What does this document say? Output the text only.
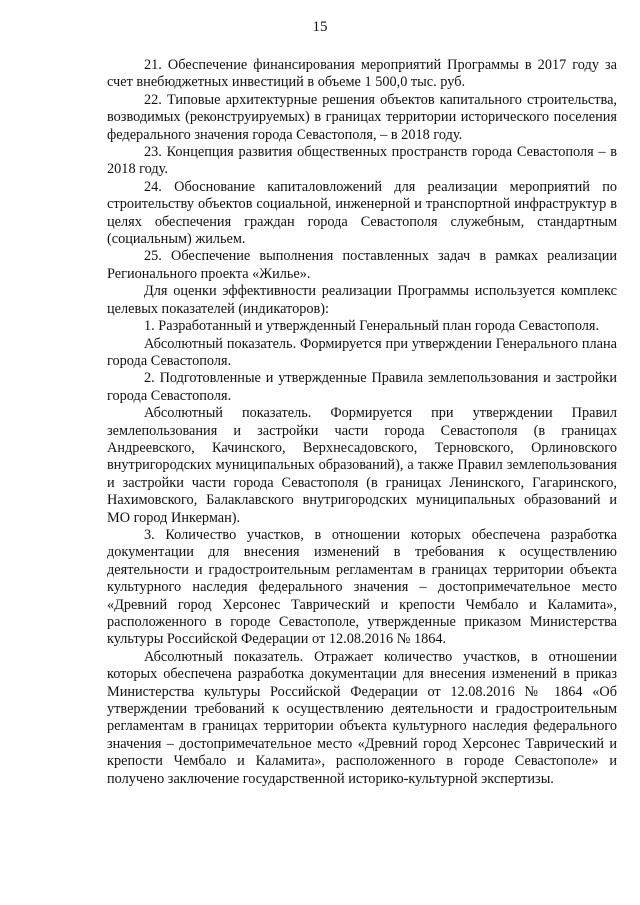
15

21. Обеспечение финансирования мероприятий Программы в 2017 году за счет внебюджетных инвестиций в объеме 1 500,0 тыс. руб.

22. Типовые архитектурные решения объектов капитального строительства, возводимых (реконструируемых) в границах территории исторического поселения федерального значения города Севастополя, – в 2018 году.

23. Концепция развития общественных пространств города Севастополя – в 2018 году.

24. Обоснование капиталовложений для реализации мероприятий по строительству объектов социальной, инженерной и транспортной инфраструктур в целях обеспечения граждан города Севастополя служебным, стандартным (социальным) жильем.

25. Обеспечение выполнения поставленных задач в рамках реализации Регионального проекта «Жилье».

Для оценки эффективности реализации Программы используется комплекс целевых показателей (индикаторов):

1. Разработанный и утвержденный Генеральный план города Севастополя.

Абсолютный показатель. Формируется при утверждении Генерального плана города Севастополя.

2. Подготовленные и утвержденные Правила землепользования и застройки города Севастополя.

Абсолютный показатель. Формируется при утверждении Правил землепользования и застройки части города Севастополя (в границах Андреевского, Качинского, Верхнесадовского, Терновского, Орлиновского внутригородских муниципальных образований), а также Правил землепользования и застройки части города Севастополя (в границах Ленинского, Гагаринского, Нахимовского, Балаклавского внутригородских муниципальных образований и МО город Инкерман).

3. Количество участков, в отношении которых обеспечена разработка документации для внесения изменений в требования к осуществлению деятельности и градостроительным регламентам в границах территории объекта культурного наследия федерального значения – достопримечательное место «Древний город Херсонес Таврический и крепости Чембало и Каламита», расположенного в городе Севастополе, утвержденные приказом Министерства культуры Российской Федерации от 12.08.2016 № 1864.

Абсолютный показатель. Отражает количество участков, в отношении которых обеспечена разработка документации для внесения изменений в приказ Министерства культуры Российской Федерации от 12.08.2016 № 1864 «Об утверждении требований к осуществлению деятельности и градостроительным регламентам в границах территории объекта культурного наследия федерального значения – достопримечательное место «Древний город Херсонес Таврический и крепости Чембало и Каламита», расположенного в городе Севастополе» и получено заключение государственной историко-культурной экспертизы.
